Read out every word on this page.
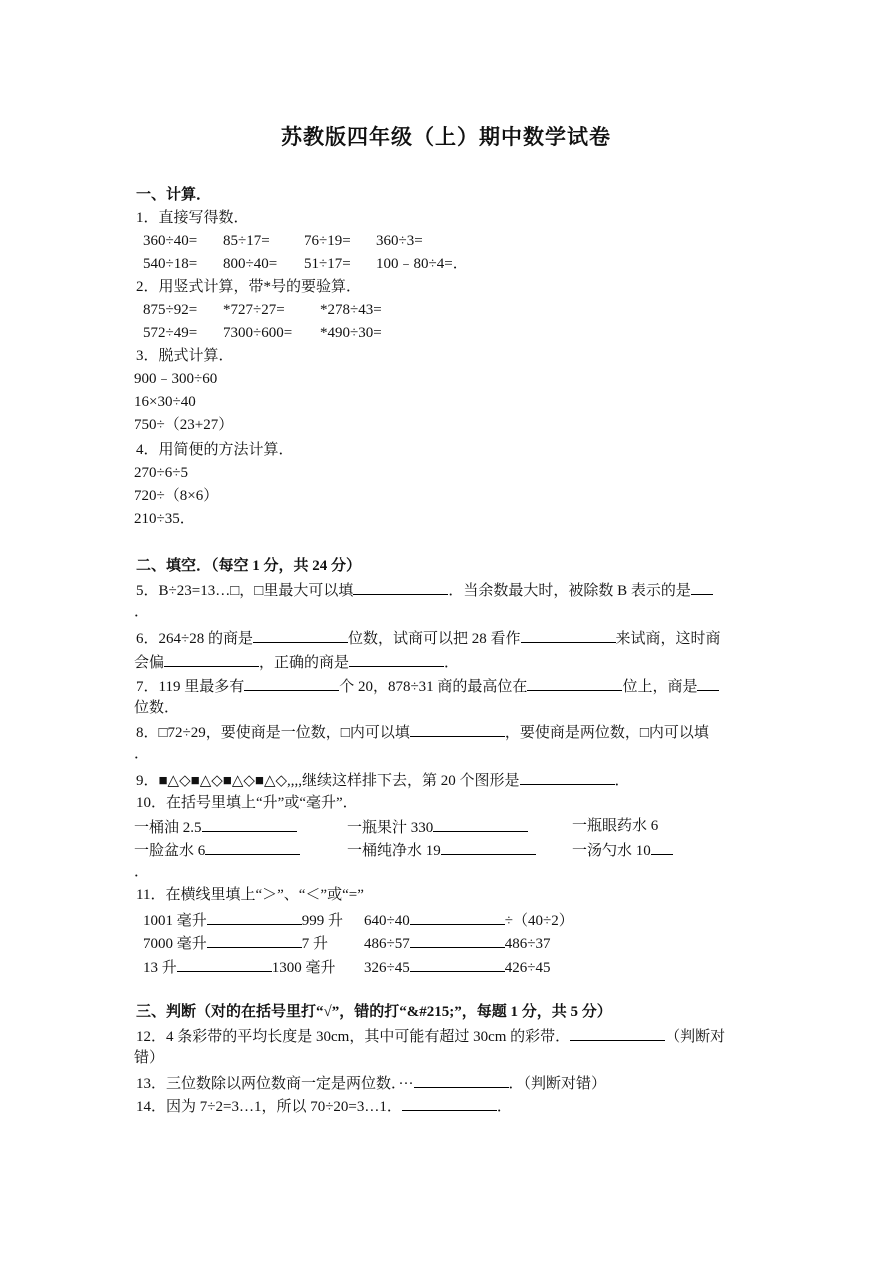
苏教版四年级（上）期中数学试卷
一、计算．
1．直接写得数．
360÷40= 85÷17= 76÷19= 360÷3=
540÷18= 800÷40= 51÷17= 100﹣80÷4=．
2．用竖式计算，带*号的要验算．
875÷92= *727÷27= *278÷43=
572÷49= 7300÷600= *490÷30=
3．脱式计算．
900﹣300÷60
16×30÷40
750÷（23+27）
4．用简便的方法计算．
270÷6÷5
720÷（8×6）
210÷35．
二、填空．（每空 1 分，共 24 分）
5．B÷23=13…□，□里最大可以填	．当余数最大时，被除数 B 表示的是
．
6．264÷28 的商是	位数，试商可以把 28 看作	来试商，这时商
会偏	，正确的商是	．
7．119 里最多有	个 20，878÷31 商的最高位在	位上，商是
位数．
8．□72÷29，要使商是一位数，□内可以填	，要使商是两位数，□内可以填
．
9．■△◇■△◇■△◇■△◇,,,,继续这样排下去，第 20 个图形是	．
10．在括号里填上“升”或“毫升”．
一桶油 2.5	一瓶果汁 330	一瓶眼药水 6
一脸盆水 6	一桶纯净水 19	一汤勺水 10
．
11．在横线里填上“＞”、“＜”或“=”
1001 毫升	999 升 640÷40	÷（40÷2）
7000 毫升	7 升 486÷57	486÷37
13 升	1300 毫升 326÷45	426÷45
三、判断（对的在括号里打“√”，错的打“&#215;”，每题 1 分，共 5 分）
12．4 条彩带的平均长度是 30cm，其中可能有超过 30cm 的彩带．	（判断对
错）
13．三位数除以两位数商一定是两位数．···	．（判断对错）
14．因为 7÷2=3…1，所以 70÷20=3…1．	．
